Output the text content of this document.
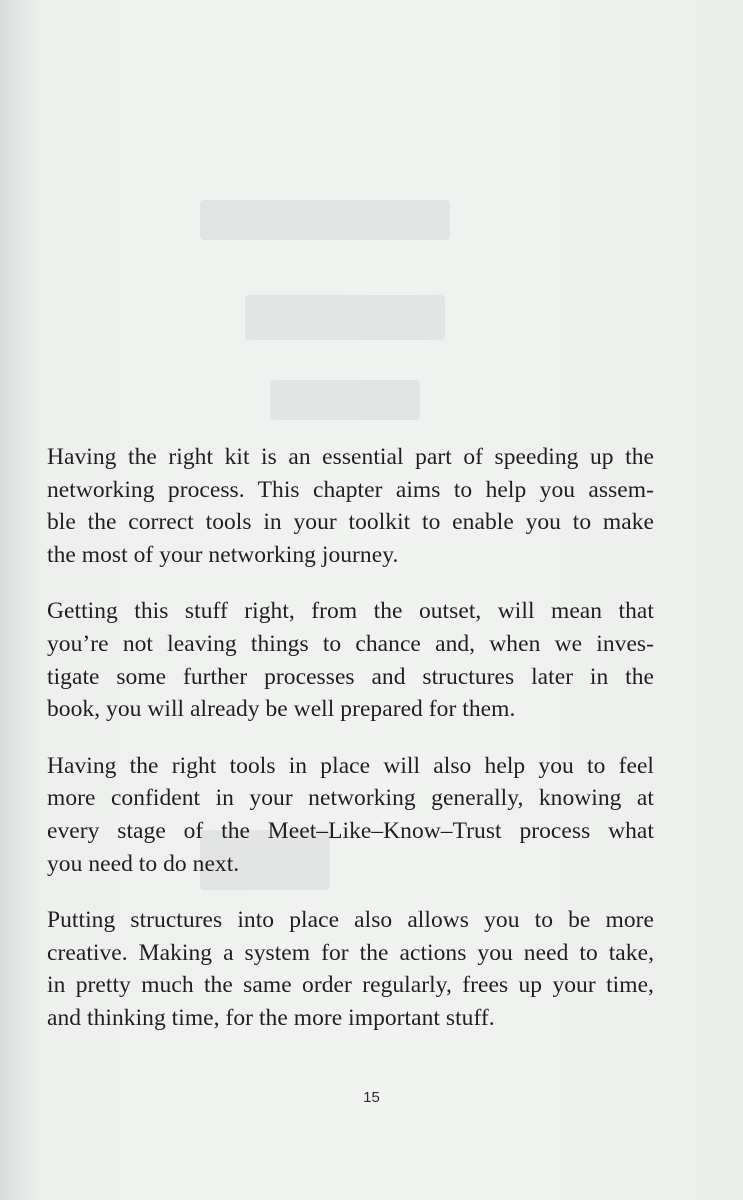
Having the right kit is an essential part of speeding up the
networking process. This chapter aims to help you assem-
ble the correct tools in your toolkit to enable you to make
the most of your networking journey.

Getting this stuff right, from the outset, will mean that
you’re not leaving things to chance and, when we inves-
tigate some further processes and structures later in the
book, you will already be well prepared for them.

Having the right tools in place will also help you to feel
more confident in your networking generally, knowing at
every stage of the Meet–Like–Know–Trust process what
you need to do next.

Putting structures into place also allows you to be more
creative. Making a system for the actions you need to take,
in pretty much the same order regularly, frees up your time,
and thinking time, for the more important stuff.

15
